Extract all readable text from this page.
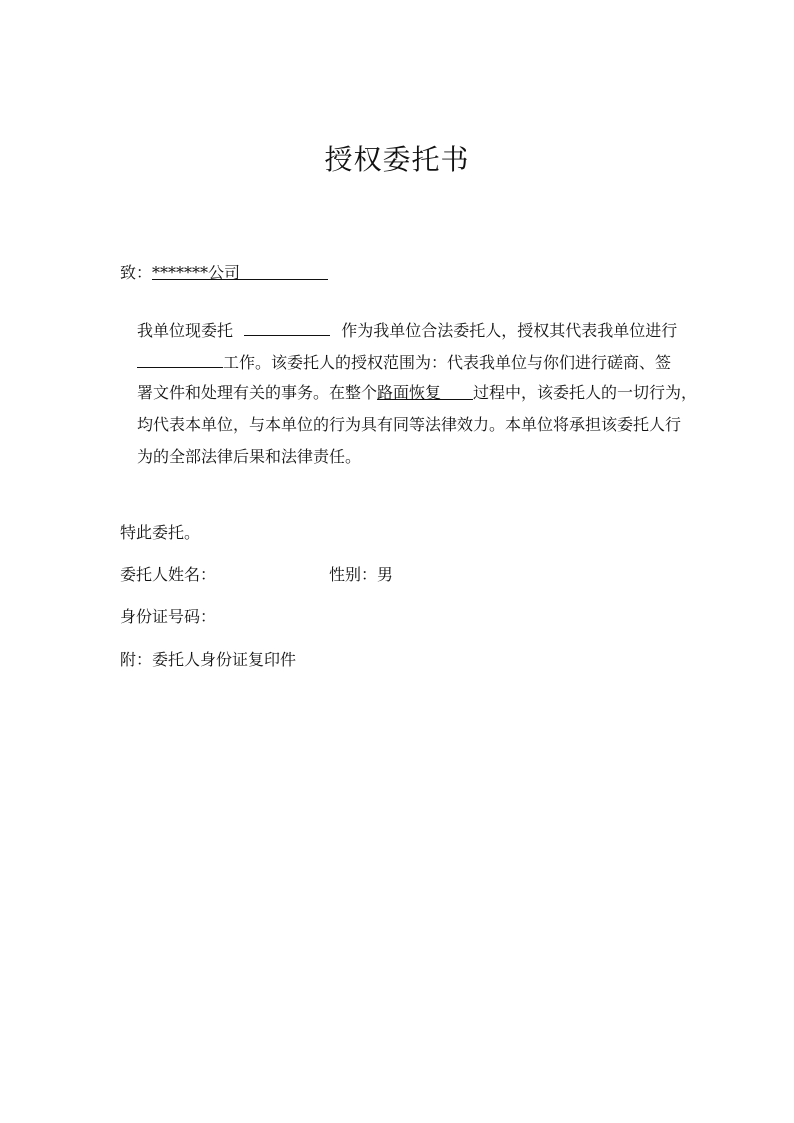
授权委托书
致：*******公司
我单位现委托	作为我单位合法委托人，授权其代表我单位进行
工作。该委托人的授权范围为：代表我单位与你们进行磋商、签
署文件和处理有关的事务。在整个路面恢复 过程中，该委托人的一切行为，
均代表本单位，与本单位的行为具有同等法律效力。本单位将承担该委托人行
为的全部法律后果和法律责任。
特此委托。
委托人姓名：	性别：男
身份证号码：
附：委托人身份证复印件
